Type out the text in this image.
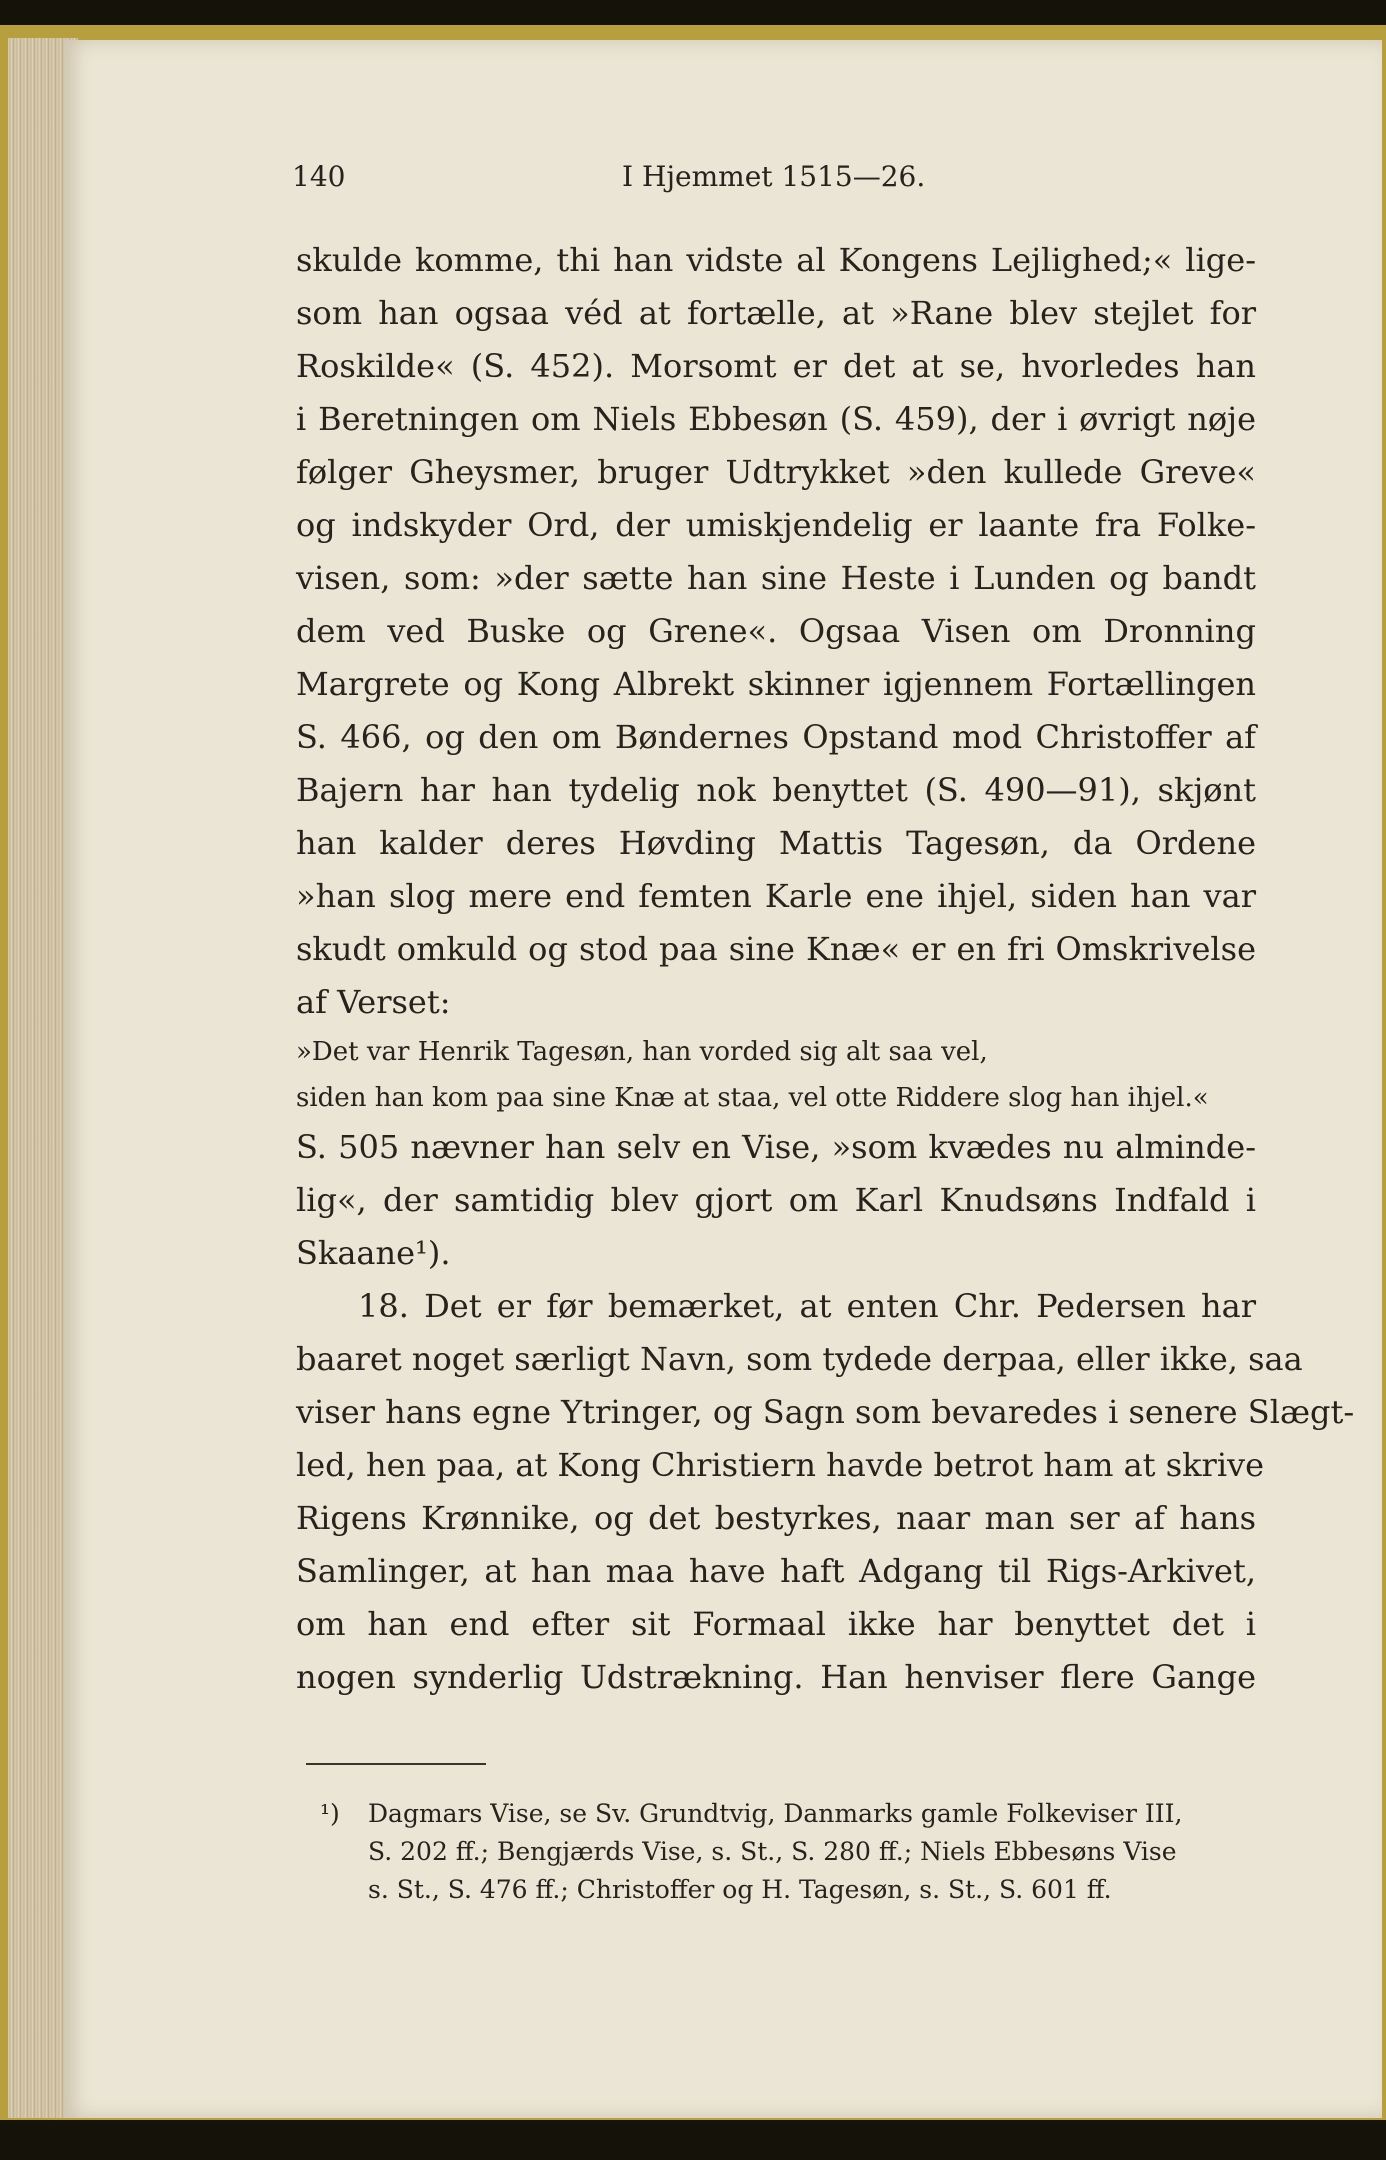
140	I Hjemmet 1515—26.
skulde komme, thi han vidste al Kongens Lejlighed;« lige-
som han ogsaa véd at fortælle, at »Rane blev stejlet for
Roskilde« (S. 452). Morsomt er det at se, hvorledes han
i Beretningen om Niels Ebbesøn (S. 459), der i øvrigt nøje
følger Gheysmer, bruger Udtrykket »den kullede Greve«
og indskyder Ord, der umiskjendelig er laante fra Folke-
visen, som: »der sætte han sine Heste i Lunden og bandt
dem ved Buske og Grene«. Ogsaa Visen om Dronning
Margrete og Kong Albrekt skinner igjennem Fortællingen
S. 466, og den om Bøndernes Opstand mod Christoffer af
Bajern har han tydelig nok benyttet (S. 490—91), skjønt
han kalder deres Høvding Mattis Tagesøn, da Ordene
»han slog mere end femten Karle ene ihjel, siden han var
skudt omkuld og stod paa sine Knæ« er en fri Omskrivelse
af Verset:
»Det var Henrik Tagesøn, han vorded sig alt saa vel,
siden han kom paa sine Knæ at staa, vel otte Riddere slog han ihjel.«
S. 505 nævner han selv en Vise, »som kvædes nu alminde-
lig«, der samtidig blev gjort om Karl Knudsøns Indfald i
Skaane¹).
18. Det er før bemærket, at enten Chr. Pedersen har
baaret noget særligt Navn, som tydede derpaa, eller ikke, saa
viser hans egne Ytringer, og Sagn som bevaredes i senere Slægt-
led, hen paa, at Kong Christiern havde betrot ham at skrive
Rigens Krønnike, og det bestyrkes, naar man ser af hans
Samlinger, at han maa have haft Adgang til Rigs-Arkivet,
om han end efter sit Formaal ikke har benyttet det i
nogen synderlig Udstrækning. Han henviser flere Gange
¹) Dagmars Vise, se Sv. Grundtvig, Danmarks gamle Folkeviser III,
S. 202 ff.; Bengjærds Vise, s. St., S. 280 ff.; Niels Ebbesøns Vise
s. St., S. 476 ff.; Christoffer og H. Tagesøn, s. St., S. 601 ff.
